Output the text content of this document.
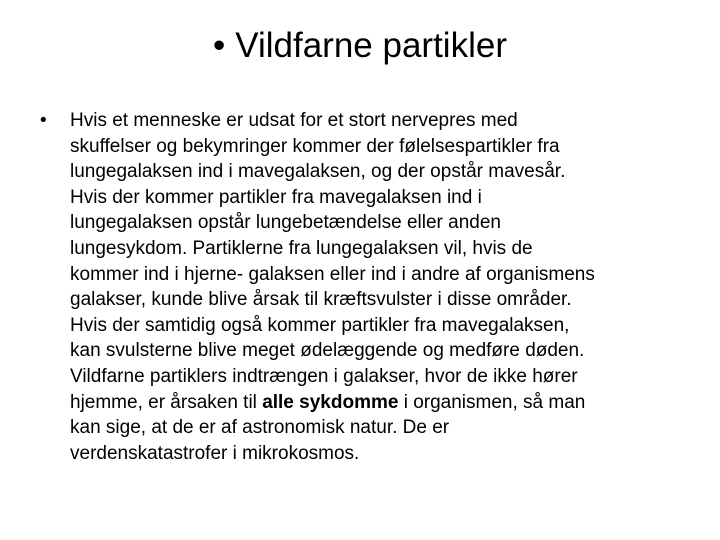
• Vildfarne partikler
• Hvis et menneske er udsat for et stort nervepres med
skuffelser og bekymringer kommer der følelsespartikler fra
lungegalaksen ind i mavegalaksen, og der opstår mavesår.
Hvis der kommer partikler fra mavegalaksen ind i
lungegalaksen opstår lungebetændelse eller anden
lungesykdom. Partiklerne fra lungegalaksen vil, hvis de
kommer ind i hjerne- galaksen eller ind i andre af organismens
galakser, kunde blive årsak til kræftsvulster i disse områder.
Hvis der samtidig også kommer partikler fra mavegalaksen,
kan svulsterne blive meget ødelæggende og medføre døden.
Vildfarne partiklers indtrængen i galakser, hvor de ikke hører
hjemme, er årsaken til alle sykdomme i organismen, så man
kan sige, at de er af astronomisk natur. De er
verdenskatastrofer i mikrokosmos.
